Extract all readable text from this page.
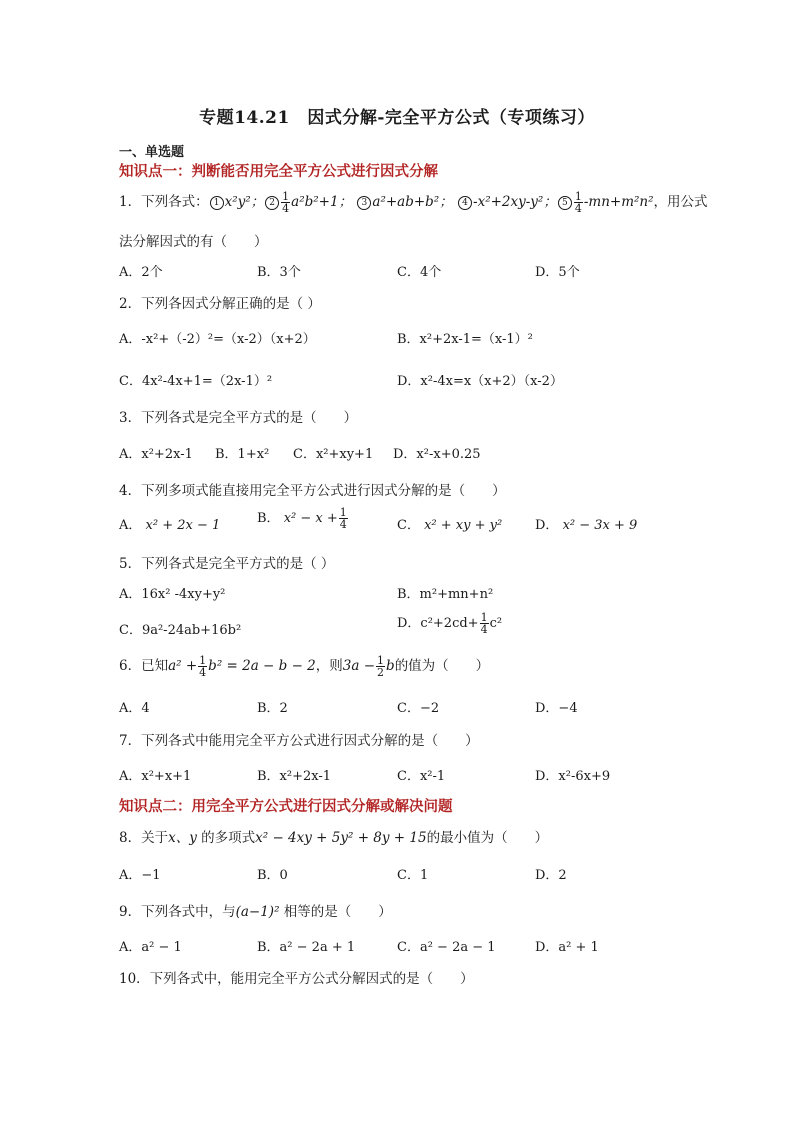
专题14.21　因式分解-完全平方公式（专项练习）
一、单选题
知识点一：判断能否用完全平方公式进行因式分解
1．下列各式： 1 x²y²； $2 \frac{1}{4} a^2b^2+1$； 3 a²+ab+b²； 4 -x²+2xy-y²； $5 \frac{1}{4} -mn+m^2n^2$，用公式
法分解因式的有（　　）
A．2个	B．3个	C．4个	D．5个
2．下列各因式分解正确的是（ ）
A．-x²+（-2）²=（x-2）（x+2）	B．x²+2x-1=（x-1）²
C．4x²-4x+1=（2x-1）²	D．x²-4x=x（x+2）（x-2）
3．下列各式是完全平方式的是（　　）
A．x²+2x-1 B．1+x² C．x²+xy+1 D．x²-x+0.25
4．下列多项式能直接用完全平方公式进行因式分解的是（　　）
A． x² + 2x − 1	B． $x^2 - x + \frac{1}{4}$	C． x² + xy + y²	D． x² − 3x + 9
5．下列各式是完全平方式的是（ ）
A．16x² -4xy+y²	B．m²+mn+n²
C．9a²-24ab+16b²	D．$c^2+2cd+ \frac{1}{4} c^2$
6．已知$a^2 + \frac{1}{4} b^2 = 2a - b - 2$，则$3a - \frac{1}{2}$ b的值为（　　）
A．4	B．2	C．−2	D．−4
7．下列各式中能用完全平方公式进行因式分解的是（　　）
A．x²+x+1	B．x²+2x-1	C．x²-1	D．x²-6x+9
知识点二：用完全平方公式进行因式分解或解决问题
8．关于x、y 的多项式x² − 4xy + 5y² + 8y + 15的最小值为（　　）
A．−1	B．0	C．1	D．2
9．下列各式中，与(a−1)² 相等的是（　　）
A．a² − 1	B．a² − 2a + 1	C．a² − 2a − 1	D．a² + 1
10．下列各式中，能用完全平方公式分解因式的是（　　）
